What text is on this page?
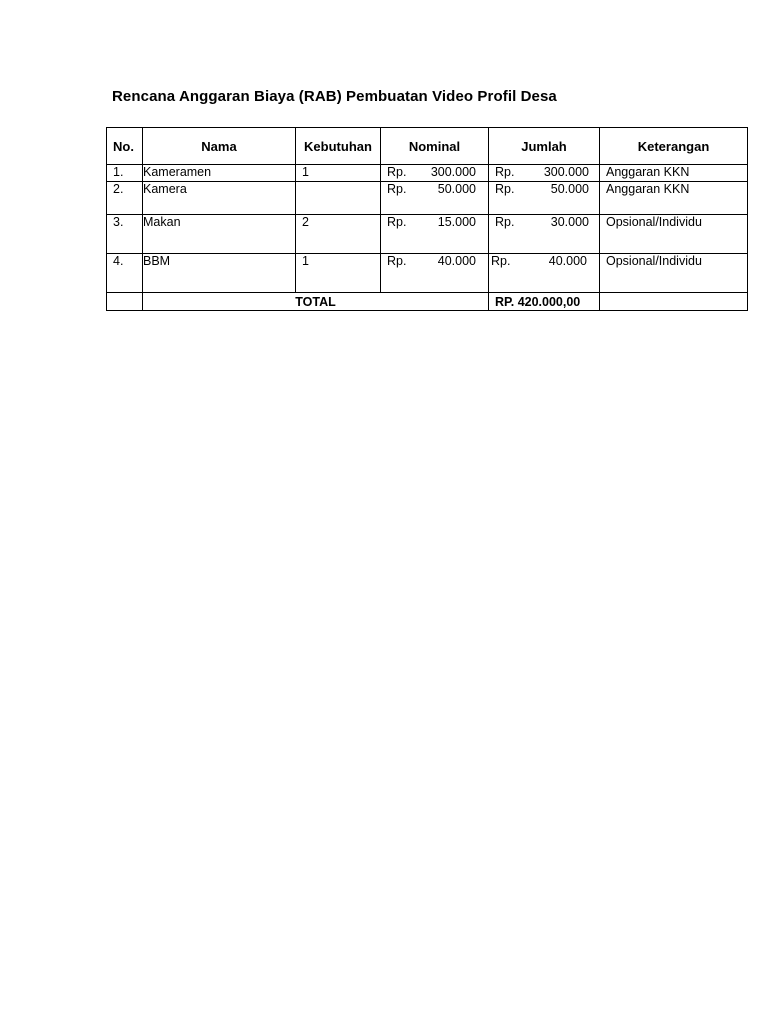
Rencana Anggaran Biaya (RAB) Pembuatan Video Profil Desa
No.	Nama	Kebutuhan	Nominal	Jumlah	Keterangan
1.	Kameramen	1	Rp. 300.000	Rp. 300.000	Anggaran KKN
2.	Kamera		Rp. 50.000	Rp. 50.000	Anggaran KKN
3.	Makan	2	Rp. 15.000	Rp. 30.000	Opsional/Individu
4.	BBM	1	Rp. 40.000	Rp. 40.000	Opsional/Individu
	TOTAL			RP. 420.000,00	
